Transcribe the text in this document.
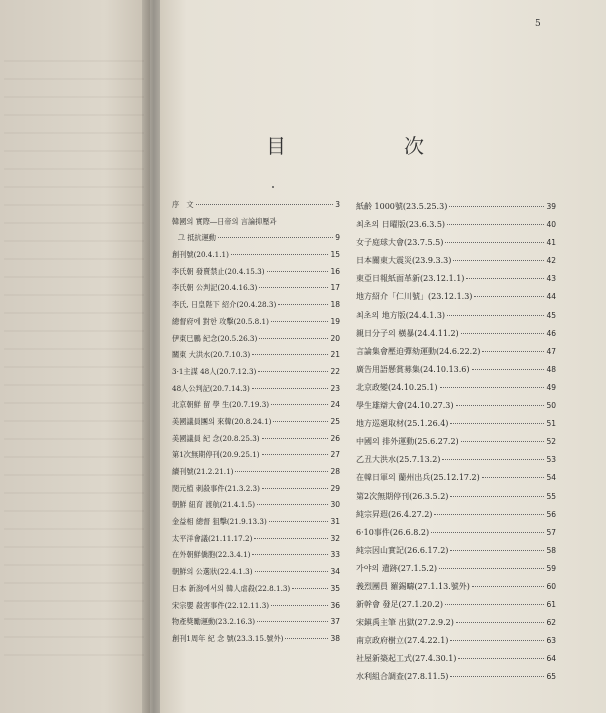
5
目	次
序　文	3
韓國의 實際―日帝의 言論抑壓과
그 抵抗運動	9
創刊號(20.4.1.1)	15
李氏朝 發賣禁止(20.4.15.3)	16
李氏朝 公判記(20.4.16.3)	17
李氏, 日皇陛下 紹介(20.4.28.3)	18
總督府에 對한 攻擊(20.5.8.1)	19
伊東巳鵬 紀念(20.5.26.3)	20
關東 大洪水(20.7.10.3)	21
3·1主謀 48人(20.7.12.3)	22
48人公判記(20.7.14.3)	23
北京朝鮮 留 學 生(20.7.19.3)	24
美國議員團의 來韓(20.8.24.1)	25
美國議員 紀 念(20.8.25.3)	26
第1次無期停刊(20.9.25.1)	27
續刊號(21.2.21.1)	28
閔元植 刺殺事件(21.3.2.3)	29
朝鮮 紐育 渡航(21.4.1.5)	30
金益相 總督 狙擊(21.9.13.3)	31
太平洋會議(21.11.17.2)	32
在外朝鮮僑胞(22.3.4.1)	33
朝鮮의 公選狀(22.4.1.3)	34
日本 新潟에서의 韓人虐殺(22.8.1.3)	35
宋宗嬰 殺害事件(22.12.11.3)	36
物產獎勵運動(23.2.16.3)	37
創刊1周年 紀 念 號(23.3.15.號外)	38
紙齡 1000號(23.5.25.3)	39
최초의 日曜版(23.6.3.5)	40
女子庭球大會(23.7.5.5)	41
日本關東大震災(23.9.3.3)	42
東亞日報紙面革新(23.12.1.1)	43
地方紹介「仁川號」(23.12.1.3)	44
최초의 地方版(24.4.1.3)	45
親日分子의 橫暴(24.4.11.2)	46
言論集會壓迫彈劾運動(24.6.22.2)	47
廣告用語懸賞募集(24.10.13.6)	48
北京政變(24.10.25.1)	49
學生雄辯大會(24.10.27.3)	50
地方巡廻取材(25.1.26.4)	51
中國의 排外運動(25.6.27.2)	52
乙丑大洪水(25.7.13.2)	53
在韓日軍의 蘭州出兵(25.12.17.2)	54
第2次無期停刊(26.3.5.2)	55
純宗昇遐(26.4.27.2)	56
6·10事件(26.6.8.2)	57
純宗因山實記(26.6.17.2)	58
가야의 遺跡(27.1.5.2)	59
義烈團員 羅錫疇(27.1.13.號外)	60
新幹會 發足(27.1.20.2)	61
宋鎭禹主筆 出獄(27.2.9.2)	62
南京政府樹立(27.4.22.1)	63
社屋新築起工式(27.4.30.1)	64
水利組合調查(27.8.11.5)	65
